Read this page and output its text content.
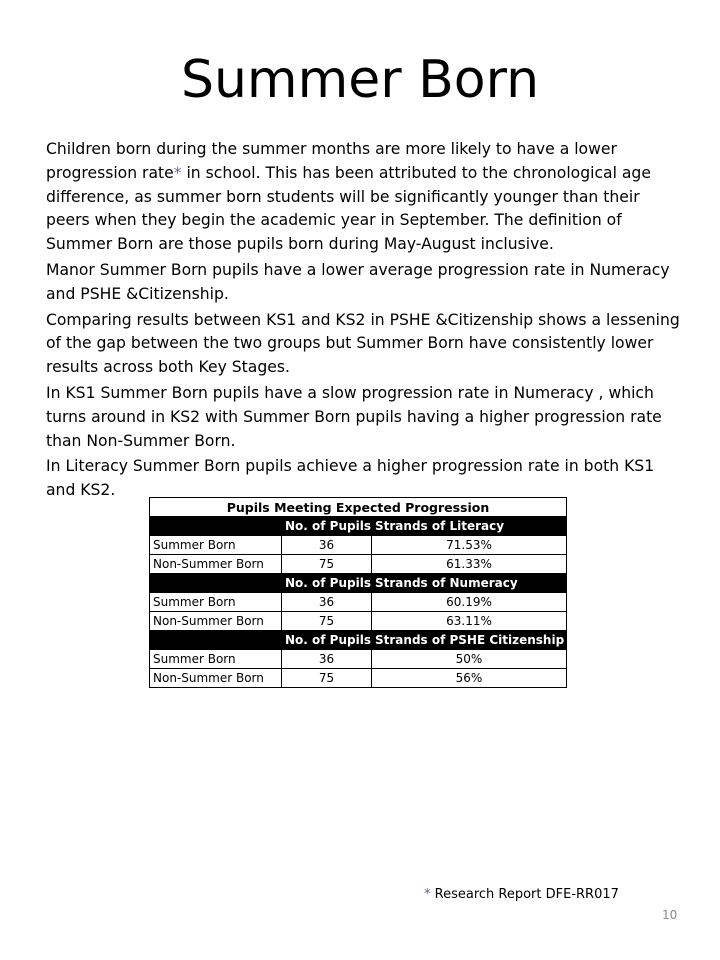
Summer Born

Children born during the summer months are more likely to have a lower progression rate* in school. This has been attributed to the chronological age difference, as summer born students will be significantly younger than their peers when they begin the academic year in September. The definition of Summer Born are those pupils born during May-August inclusive.

Manor Summer Born pupils have a lower average progression rate in Numeracy and PSHE &Citizenship.

Comparing results between KS1 and KS2 in PSHE &Citizenship shows a lessening of the gap between the two groups but Summer Born have consistently lower results across both Key Stages.

In KS1 Summer Born pupils have a slow progression rate in Numeracy , which turns around in KS2 with Summer Born pupils having a higher progression rate than Non-Summer Born.

In Literacy Summer Born pupils achieve a higher progression rate in both KS1 and KS2.

Pupils Meeting Expected Progression		
	No. of Pupils	Strands of Literacy
Summer Born	36	71.53%
Non-Summer Born	75	61.33%
	No. of Pupils	Strands of Numeracy
Summer Born	36	60.19%
Non-Summer Born	75	63.11%
	No. of Pupils	Strands of PSHE Citizenship
Summer Born	36	50%
Non-Summer Born	75	56%
* Research Report DFE-RR017
10
